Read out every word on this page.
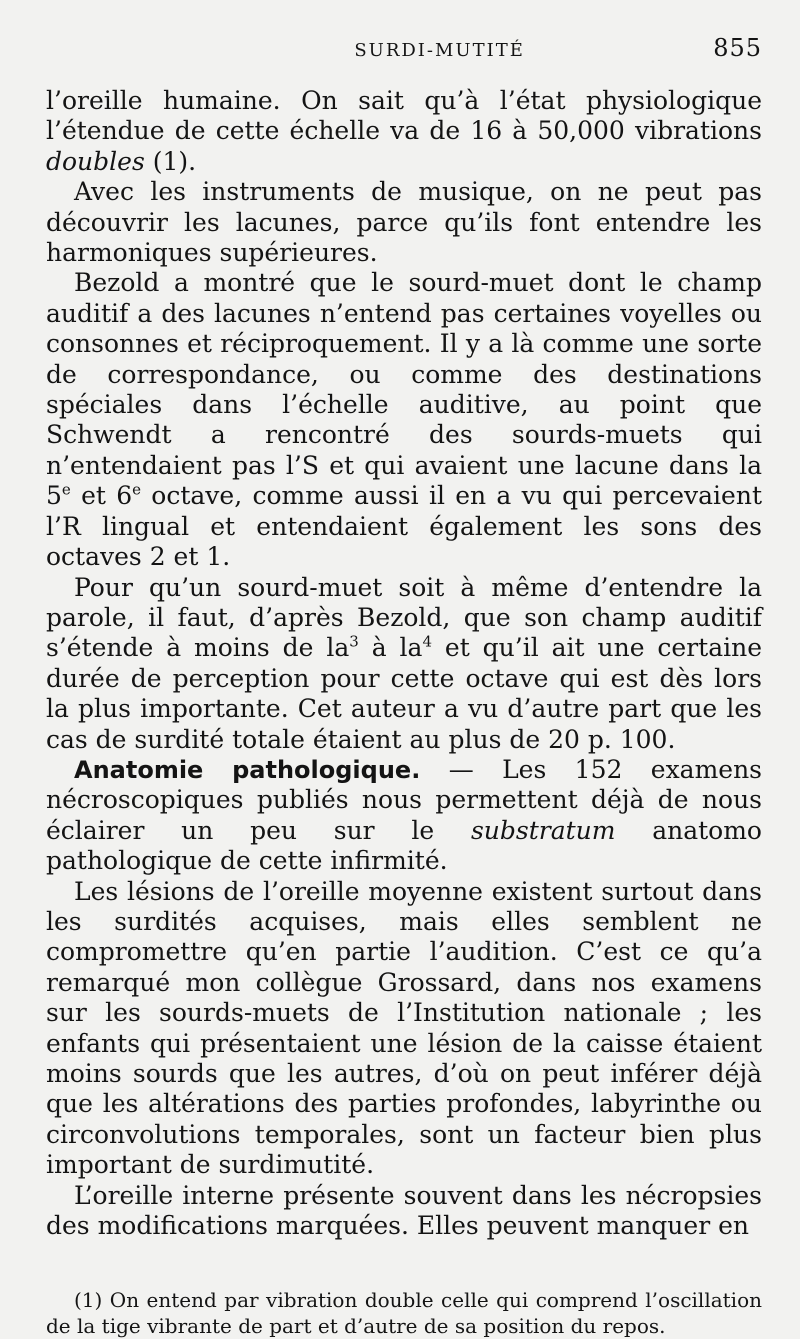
SURDI-MUTITÉ	855

l’oreille humaine. On sait qu’à l’état physiologique l’étendue de cette échelle va de 16 à 50,000 vibrations doubles (1).

Avec les instruments de musique, on ne peut pas découvrir les lacunes, parce qu’ils font entendre les harmoniques supérieures.

Bezold a montré que le sourd-muet dont le champ auditif a des lacunes n’entend pas certaines voyelles ou consonnes et réciproquement. Il y a là comme une sorte de correspondance, ou comme des destinations spéciales dans l’échelle auditive, au point que Schwendt a rencontré des sourds-muets qui n’entendaient pas l’S et qui avaient une lacune dans la 5e et 6e octave, comme aussi il en a vu qui percevaient l’R lingual et entendaient également les sons des octaves 2 et 1.

Pour qu’un sourd-muet soit à même d’entendre la parole, il faut, d’après Bezold, que son champ auditif s’étende à moins de $la^3$ à $la^4$ et qu’il ait une certaine durée de perception pour cette octave qui est dès lors la plus importante. Cet auteur a vu d’autre part que les cas de surdité totale étaient au plus de 20 p. 100.

Anatomie pathologique. — Les 152 examens nécroscopiques publiés nous permettent déjà de nous éclairer un peu sur le substratum anatomo pathologique de cette infirmité.

Les lésions de l’oreille moyenne existent surtout dans les surdités acquises, mais elles semblent ne compromettre qu’en partie l’audition. C’est ce qu’a remarqué mon collègue Grossard, dans nos examens sur les sourds-muets de l’Institution nationale ; les enfants qui présentaient une lésion de la caisse étaient moins sourds que les autres, d’où on peut inférer déjà que les altérations des parties profondes, labyrinthe ou circonvolutions temporales, sont un facteur bien plus important de surdimutité.

L’oreille interne présente souvent dans les nécropsies des modifications marquées. Elles peuvent manquer en

(1) On entend par vibration double celle qui comprend l’oscillation de la tige vibrante de part et d’autre de sa position du repos.
